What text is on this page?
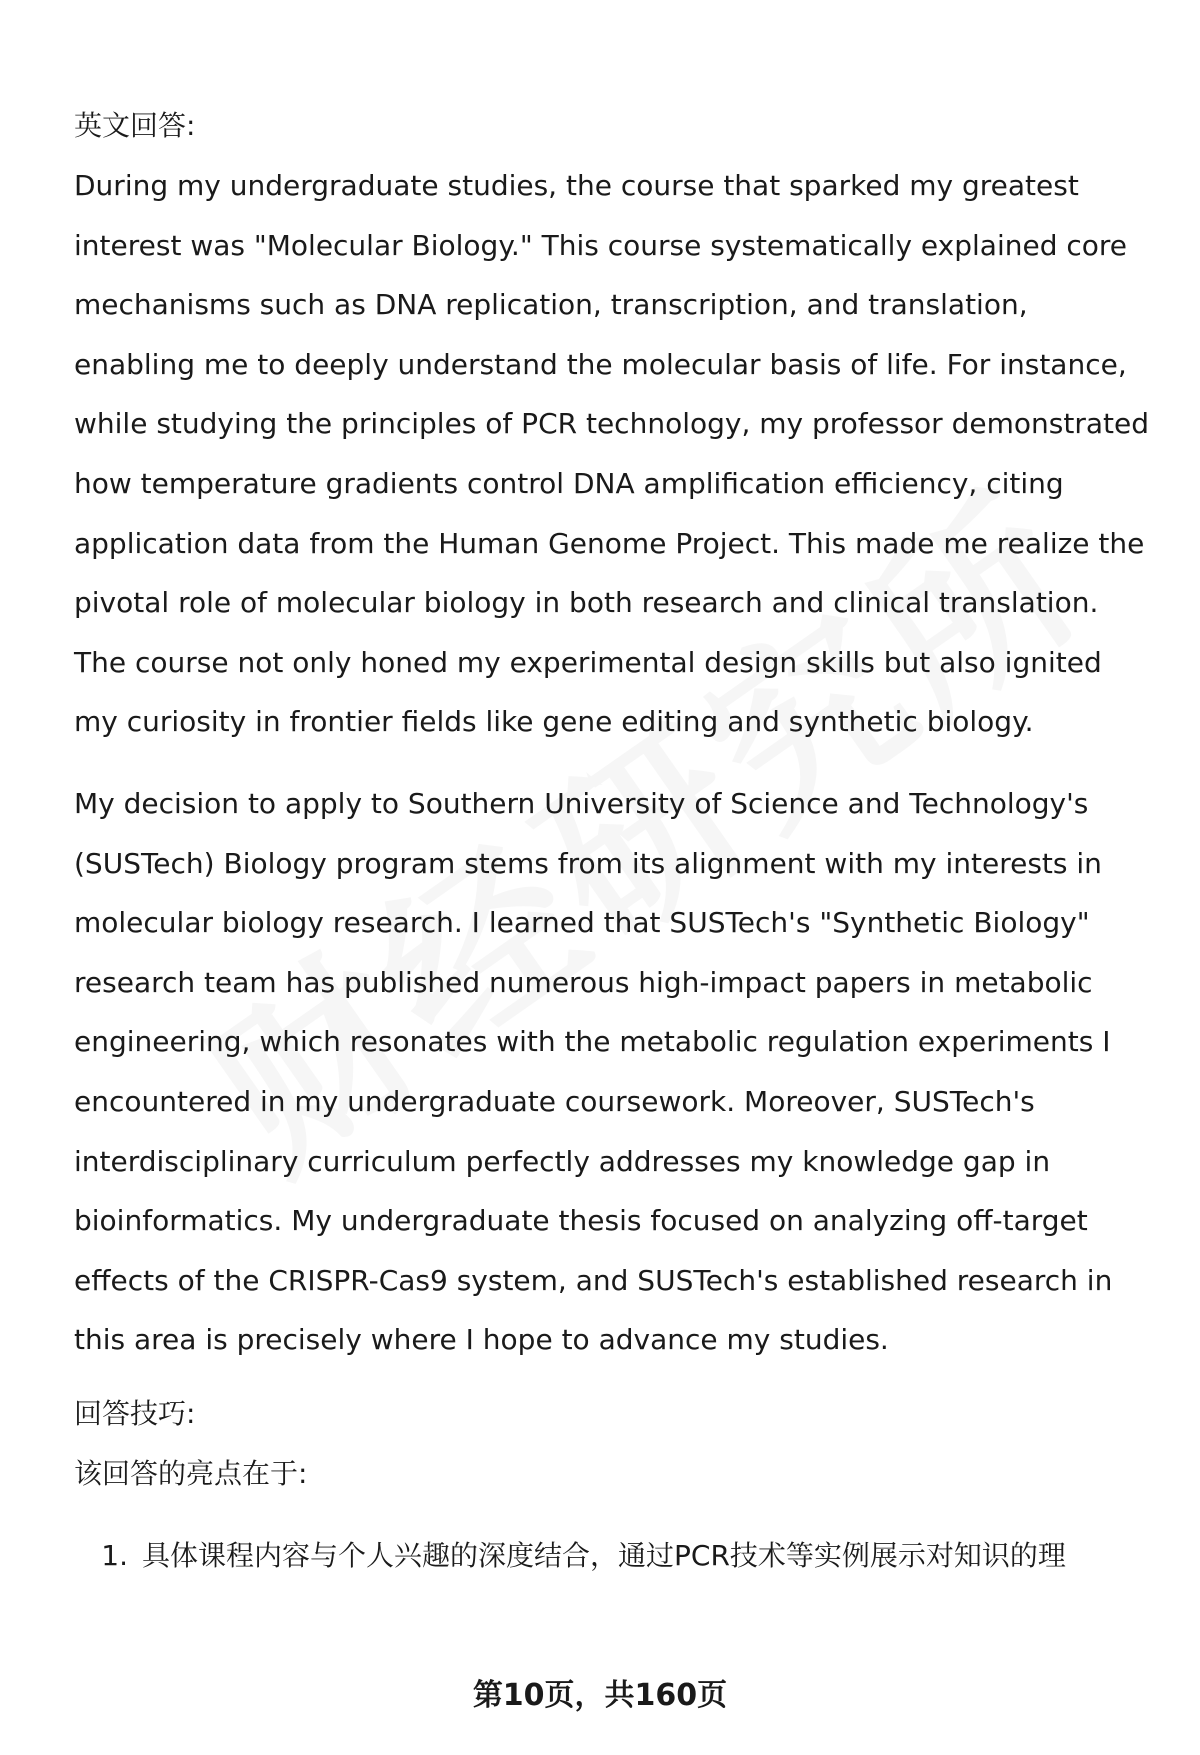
英文回答:

During my undergraduate studies, the course that sparked my greatest interest was "Molecular Biology." This course systematically explained core mechanisms such as DNA replication, transcription, and translation, enabling me to deeply understand the molecular basis of life. For instance, while studying the principles of PCR technology, my professor demonstrated how temperature gradients control DNA amplification efficiency, citing application data from the Human Genome Project. This made me realize the pivotal role of molecular biology in both research and clinical translation. The course not only honed my experimental design skills but also ignited my curiosity in frontier fields like gene editing and synthetic biology.

My decision to apply to Southern University of Science and Technology's (SUSTech) Biology program stems from its alignment with my interests in molecular biology research. I learned that SUSTech's "Synthetic Biology" research team has published numerous high-impact papers in metabolic engineering, which resonates with the metabolic regulation experiments I encountered in my undergraduate coursework. Moreover, SUSTech's interdisciplinary curriculum perfectly addresses my knowledge gap in bioinformatics. My undergraduate thesis focused on analyzing off-target effects of the CRISPR-Cas9 system, and SUSTech's established research in this area is precisely where I hope to advance my studies.

回答技巧:

该回答的亮点在于:

1. 具体课程内容与个人兴趣的深度结合，通过PCR技术等实例展示对知识的理
第10页，共160页
